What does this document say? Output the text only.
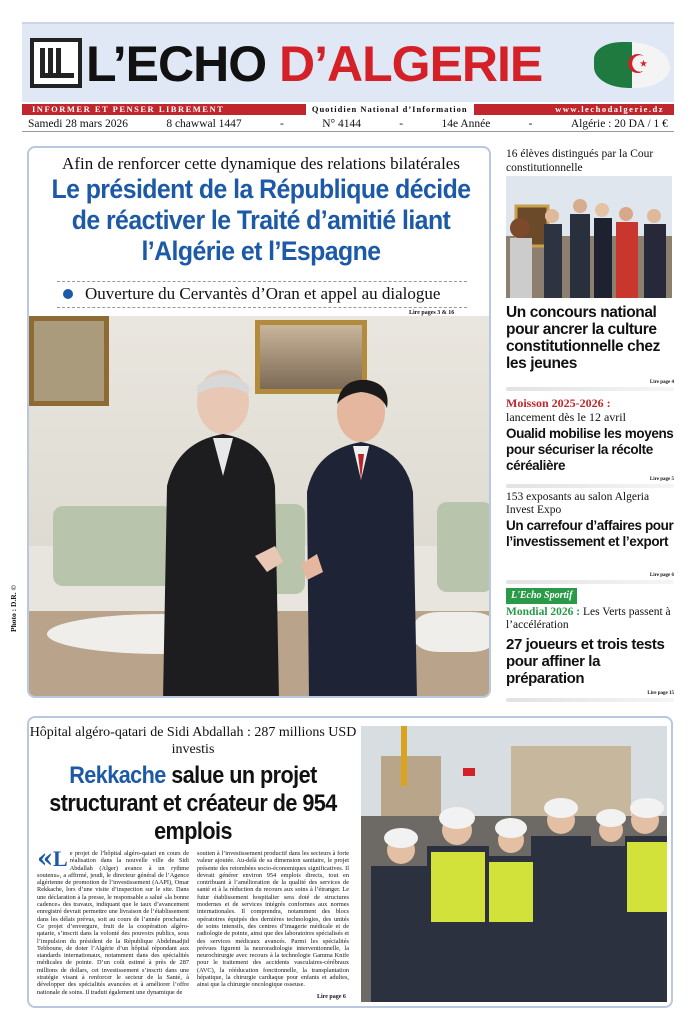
L’ECHO D’ALGERIE	☪
INFORMER ET PENSER LIBREMENT	Quotidien National d’Information	www.lechodalgerie.dz
Samedi 28 mars 2026	8 chawwal 1447	-	N° 4144	-	14e Année	-	Algérie : 20 DA / 1 €
Afin de renforcer cette dynamique des relations bilatérales
Le président de la République décide de réactiver le Traité d’amitié liant l’Algérie et l’Espagne
Ouverture du Cervantès d’Oran et appel au dialogue
Lire pages 3 & 16
Photo : D.R. ©
16 élèves distingués par la Cour constitutionnelle
Un concours national pour ancrer la culture constitutionnelle chez les jeunes
Lire page 4
Moisson 2025-2026 :
lancement dès le 12 avril
Oualid mobilise les moyens pour sécuriser la récolte céréalière
Lire page 5
153 exposants au salon Algeria Invest Expo
Un carrefour d’affaires pour l’investissement et l’export
Lire page 6
L'Echo Sportif
Mondial 2026 : Les Verts passent à l’accélération
27 joueurs et trois tests pour affiner la préparation
Lire page 15
Hôpital algéro-qatari de Sidi Abdallah : 287 millions USD investis
Rekkache salue un projet structurant et créateur de 954 emplois
« Le projet de l’hôpital algéro-qatari en cours de réalisation dans la nouvelle ville de Sidi Abdallah (Alger) avance à un rythme soutenu», a affirmé, jeudi, le directeur général de l’Agence algérienne de promotion de l’investissement (AAPI), Omar Rekkache, lors d’une visite d’inspection sur le site. Dans une déclaration à la presse, le responsable a salué «la bonne cadence» des travaux, indiquant que le taux d’avancement enregistré devrait permettre une livraison de l’établissement dans les délais prévus, soit au cours de l’année prochaine. Ce projet d’envergure, fruit de la coopération algéro-qatarie, s’inscrit dans la volonté des pouvoirs publics, sous l’impulsion du président de la République Abdelmadjid Tebboune, de doter l’Algérie d’un hôpital répondant aux standards internationaux, notamment dans des spécialités médicales de pointe. D’un coût estimé à près de 287 millions de dollars, cet investissement s’inscrit dans une stratégie visant à renforcer le secteur de la Santé, à développer des spécialités avancées et à améliorer l’offre nationale de soins. Il traduit également une dynamique de
soutien à l’investissement productif dans les secteurs à forte valeur ajoutée. Au-delà de sa dimension sanitaire, le projet présente des retombées socio-économiques significatives. Il devrait générer environ 954 emplois directs, tout en contribuant à l’amélioration de la qualité des services de santé et à la réduction du recours aux soins à l’étranger. Le futur établissement hospitalier sera doté de structures modernes et de services intégrés conformes aux normes internationales. Il comprendra, notamment des blocs opératoires équipés des dernières technologies, des unités de soins intensifs, des centres d’imagerie médicale et de radiologie de pointe, ainsi que des laboratoires spécialisés et des services médicaux avancés. Parmi les spécialités prévues figurent la neuroradiologie interventionnelle, la neurochirurgie avec recours à la technologie Gamma Knife pour le traitement des accidents vasculaires-cérébraux (AVC), la rééducation fonctionnelle, la transplantation hépatique, la chirurgie cardiaque pour enfants et adultes, ainsi que la chirurgie oncologique osseuse.
Lire page 6
